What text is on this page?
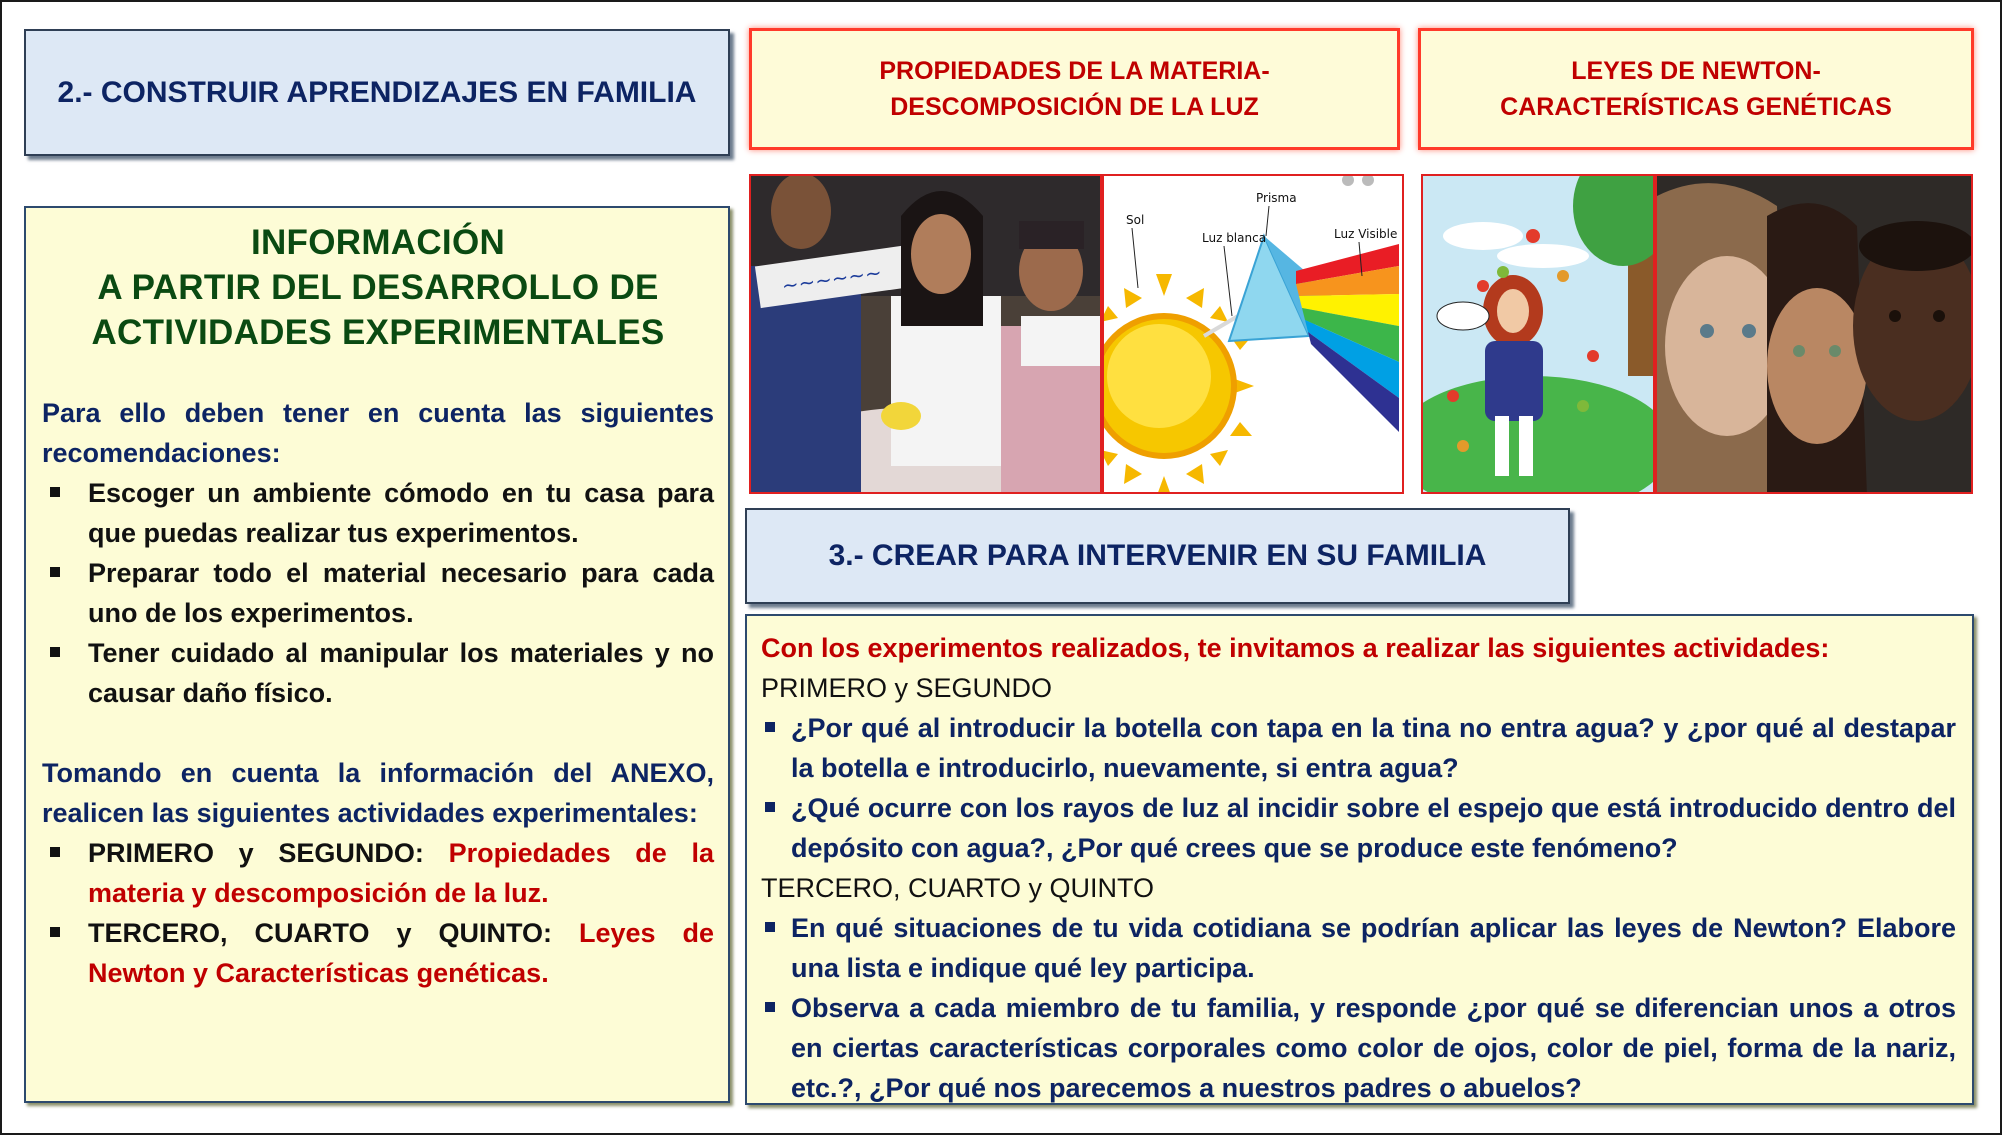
2.- CONSTRUIR APRENDIZAJES EN FAMILIA
PROPIEDADES DE LA MATERIA-DESCOMPOSICIÓN DE LA LUZ
LEYES DE NEWTON-CARACTERÍSTICAS GENÉTICAS
INFORMACIÓN
A PARTIR DEL DESARROLLO DE
ACTIVIDADES EXPERIMENTALES

Para ello deben tener en cuenta las siguientes recomendaciones:

Escoger un ambiente cómodo en tu casa para que puedas realizar tus experimentos.
Preparar todo el material necesario para cada uno de los experimentos.
Tener cuidado al manipular los materiales y no causar daño físico.

Tomando en cuenta la información del ANEXO, realicen las siguientes actividades experimentales:

PRIMERO y SEGUNDO: Propiedades de la materia y descomposición de la luz.
TERCERO, CUARTO y QUINTO: Leyes de Newton y Características genéticas.
~~~~~~
Sol
Prisma
Luz blanca	Luz Visible
3.- CREAR PARA INTERVENIR EN SU FAMILIA

Con los experimentos realizados, te invitamos a realizar las siguientes actividades:

PRIMERO y SEGUNDO

¿Por qué al introducir la botella con tapa en la tina no entra agua? y ¿por qué al destapar la botella e introducirlo, nuevamente, si entra agua?
¿Qué ocurre con los rayos de luz al incidir sobre el espejo que está introducido dentro del depósito con agua?, ¿Por qué crees que se produce este fenómeno?

TERCERO, CUARTO y QUINTO

En qué situaciones de tu vida cotidiana se podrían aplicar las leyes de Newton? Elabore una lista e indique qué ley participa.
Observa a cada miembro de tu familia, y responde ¿por qué se diferencian unos a otros en ciertas características corporales como color de ojos, color de piel, forma de la nariz, etc.?, ¿Por qué nos parecemos a nuestros padres o abuelos?
